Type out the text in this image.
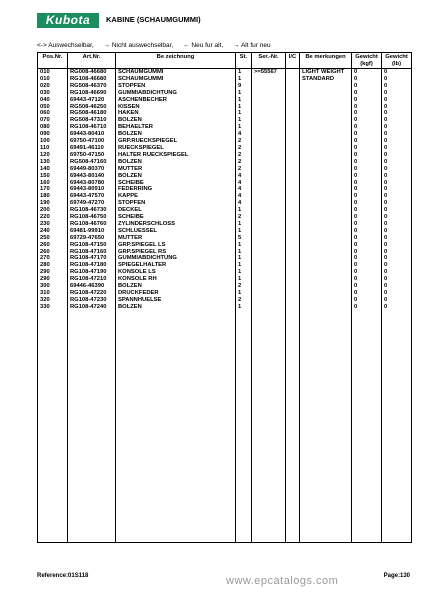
Kubota	KABINE (SCHAUMGUMMI)
<-> Auswechselbar, → Nicht auswechselbar, ← Neu fur alt, → Alt fur neu
Pos.Nr.	Art.Nr.	Be zeichnung	St.	Ser.-Nr.	I/C	Be merkungen	Gewicht (kgf)	Gewicht (lb)
010	RG008-46680	SCHAUMGUMMI	1	>=55567		LIGHT WEIGHT	0	0
010	RG108-46680	SCHAUMGUMMI	1			STANDARD	0	0
020	RG508-46370	STOPFEN	9				0	0
030	RG108-46690	GUMMIABDICHTUNG	1				0	0
040	69443-47120	ASCHENBECHER	1				0	0
050	RG508-46250	KISSEN	1				0	0
060	RG508-46180	HAKEN	1				0	0
070	RG508-47310	BOLZEN	1				0	0
080	RG108-46710	BEHAELTER	1				0	0
090	69443-80410	BOLZEN	4				0	0
100	69750-47100	GRP.RUECKSPIEGEL	2				0	0
110	69491-46110	RUECKSPIEGEL	2				0	0
120	69750-47150	HALTER RUECKSPIEGEL	2				0	0
130	RG508-47160	BOLZEN	2				0	0
140	69449-80370	MUTTER	2				0	0
150	69443-80140	BOLZEN	4				0	0
160	69443-80780	SCHEIBE	4				0	0
170	69443-80910	FEDERRING	4				0	0
180	69443-47570	KAPPE	4				0	0
190	69749-47270	STOPFEN	4				0	0
200	RG108-46730	DECKEL	1				0	0
220	RG108-46750	SCHEIBE	2				0	0
230	RG108-46760	ZYLINDERSCHLOSS	1				0	0
240	69481-99910	SCHLUESSEL	1				0	0
250	69729-47650	MUTTER	5				0	0
260	RG108-47150	GRP.SPIEGEL LS	1				0	0
260	RG108-47160	GRP.SPIEGEL RS	1				0	0
270	RG108-47170	GUMMIABDICHTUNG	1				0	0
280	RG108-47180	SPIEGELHALTER	1				0	0
290	RG108-47190	KONSOLE LS	1				0	0
290	RG108-47210	KONSOLE RH	1				0	0
300	69446-46390	BOLZEN	2				0	0
310	RG108-47220	DRUCKFEDER	1				0	0
320	RG108-47230	SPANNHUELSE	2				0	0
330	RG108-47240	BOLZEN	1				0	0

Reference:01S118	www.epcatalogs.com	Page:130
